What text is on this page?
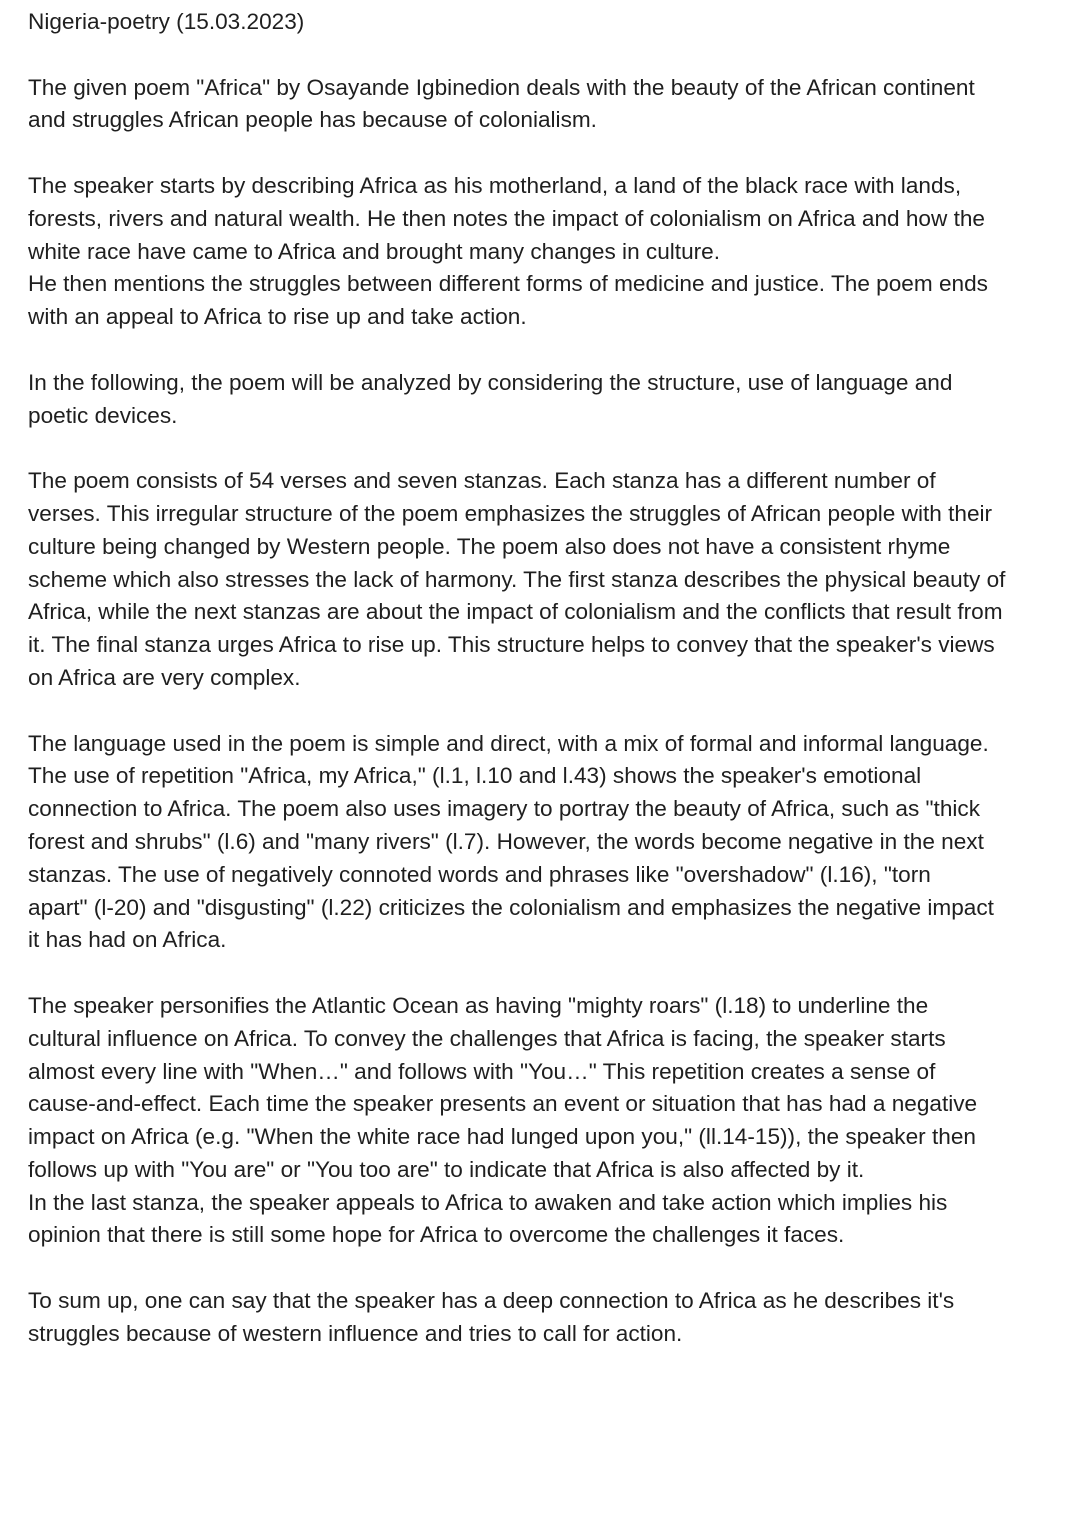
Nigeria-poetry (15.03.2023)

The given poem "Africa" by Osayande Igbinedion deals with the beauty of the African continent
and struggles African people has because of colonialism.

The speaker starts by describing Africa as his motherland, a land of the black race with lands,
forests, rivers and natural wealth. He then notes the impact of colonialism on Africa and how the
white race have came to Africa and brought many changes in culture.
He then mentions the struggles between different forms of medicine and justice. The poem ends
with an appeal to Africa to rise up and take action.

In the following, the poem will be analyzed by considering the structure, use of language and
poetic devices.

The poem consists of 54 verses and seven stanzas. Each stanza has a different number of
verses. This irregular structure of the poem emphasizes the struggles of African people with their
culture being changed by Western people. The poem also does not have a consistent rhyme
scheme which also stresses the lack of harmony. The first stanza describes the physical beauty of
Africa, while the next stanzas are about the impact of colonialism and the conflicts that result from
it. The final stanza urges Africa to rise up. This structure helps to convey that the speaker's views
on Africa are very complex.

The language used in the poem is simple and direct, with a mix of formal and informal language.
The use of repetition "Africa, my Africa," (l.1, l.10 and l.43) shows the speaker's emotional
connection to Africa. The poem also uses imagery to portray the beauty of Africa, such as "thick
forest and shrubs" (l.6) and "many rivers" (l.7). However, the words become negative in the next
stanzas. The use of negatively connoted words and phrases like "overshadow" (l.16), "torn
apart" (l-20) and "disgusting" (l.22) criticizes the colonialism and emphasizes the negative impact
it has had on Africa.

The speaker personifies the Atlantic Ocean as having "mighty roars" (l.18) to underline the
cultural influence on Africa. To convey the challenges that Africa is facing, the speaker starts
almost every line with "When…" and follows with "You…" This repetition creates a sense of
cause-and-effect. Each time the speaker presents an event or situation that has had a negative
impact on Africa (e.g. "When the white race had lunged upon you," (ll.14-15)), the speaker then
follows up with "You are" or "You too are" to indicate that Africa is also affected by it.
In the last stanza, the speaker appeals to Africa to awaken and take action which implies his
opinion that there is still some hope for Africa to overcome the challenges it faces.

To sum up, one can say that the speaker has a deep connection to Africa as he describes it's
struggles because of western influence and tries to call for action.
